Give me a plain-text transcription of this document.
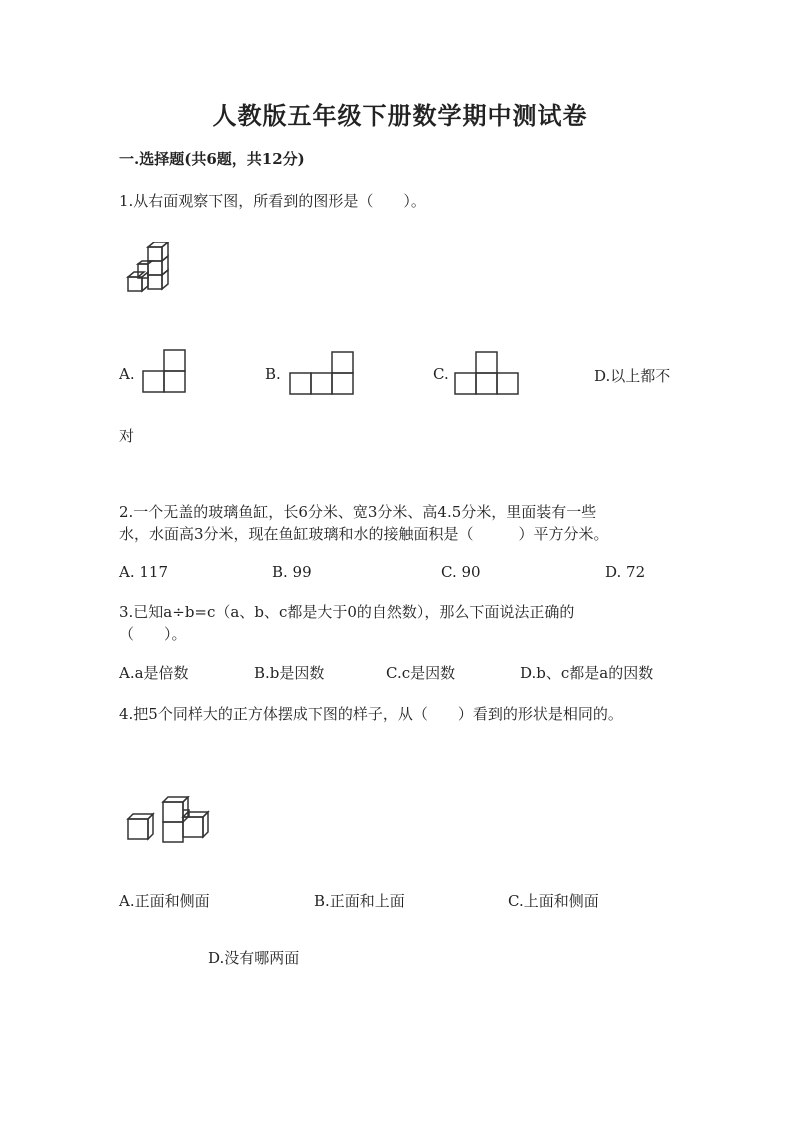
人教版五年级下册数学期中测试卷
一.选择题(共6题，共12分)
1.从右面观察下图，所看到的图形是（　　）。
A.	B.	C.	D.以上都不
对
2.一个无盖的玻璃鱼缸，长6分米、宽3分米、高4.5分米，里面装有一些
水，水面高3分米，现在鱼缸玻璃和水的接触面积是（　　　）平方分米。
A. 117	B. 99	C. 90	D. 72
3.已知a÷b=c（a、b、c都是大于0的自然数），那么下面说法正确的
（　　）。
A.a是倍数	B.b是因数	C.c是因数	D.b、c都是a的因数
4.把5个同样大的正方体摆成下图的样子，从（　　）看到的形状是相同的。
A.正面和侧面	B.正面和上面	C.上面和侧面
D.没有哪两面
